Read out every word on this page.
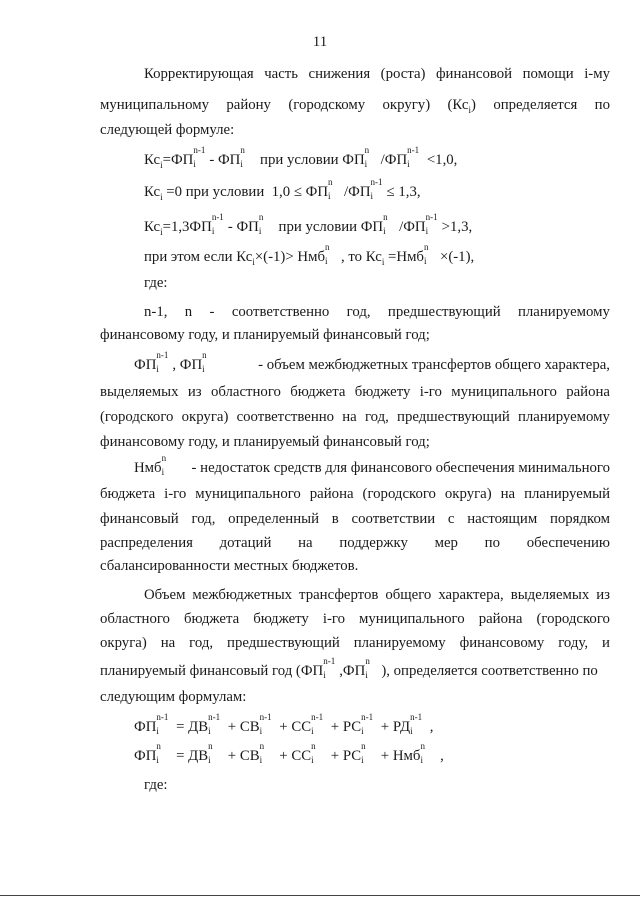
11
Корректирующая часть снижения (роста) финансовой помощи i-му
муниципальному району (городскому округу) $(Кс_i)$ определяется по
следующей формуле:
$Кс_i=ФП$
n-1
i - ФП
n
i при условии ФП
n
i /ФП
n-1
i <1,0,
$Кс_i =0$ при условии  1,0 ≤ ФП
n
i /ФП
n-1
i ≤ 1,3,
$Кс_i=1,3ФП$
n-1
i - ФП
n
i при условии ФП
n
i /ФП
n-1
i >1,3,
при этом если $Кс_i\times(-1)>$ Нмб
n
i , то $Кс_i =Нмб$
n
i ×(-1),
где:
n-1, n - соответственно год, предшествующий планируемому
финансовому году, и планируемый финансовый год;
ФП
n-1
i , ФП
n
i	- объем межбюджетных трансфертов общего характера,
выделяемых из областного бюджета бюджету i-го муниципального района
(городского округа) соответственно на год, предшествующий планируемому
финансовому году, и планируемый финансовый год;
Нмб
n
i - недостаток средств для финансового обеспечения минимального
бюджета i-го муниципального района (городского округа) на планируемый
финансовый год, определенный в соответствии с настоящим порядком
распределения дотаций на поддержку мер по обеспечению
сбалансированности местных бюджетов.
Объем межбюджетных трансфертов общего характера, выделяемых из
областного бюджета бюджету i-го муниципального района (городского
округа) на год, предшествующий планируемому финансовому году, и
планируемый финансовый год (ФП
n-1
i ,ФП
n
i ), определяется соответственно по
следующим формулам:
ФП
n-1
i = ДВ
n-1
i + СВ
n-1
i + СС
n-1
i + РС
n-1
i + РД
n-1
i ,
ФП
n
i = ДВ
n
i + СВ
n
i + СС
n
i + РС
n
i + Нмб
n
i ,
где:
